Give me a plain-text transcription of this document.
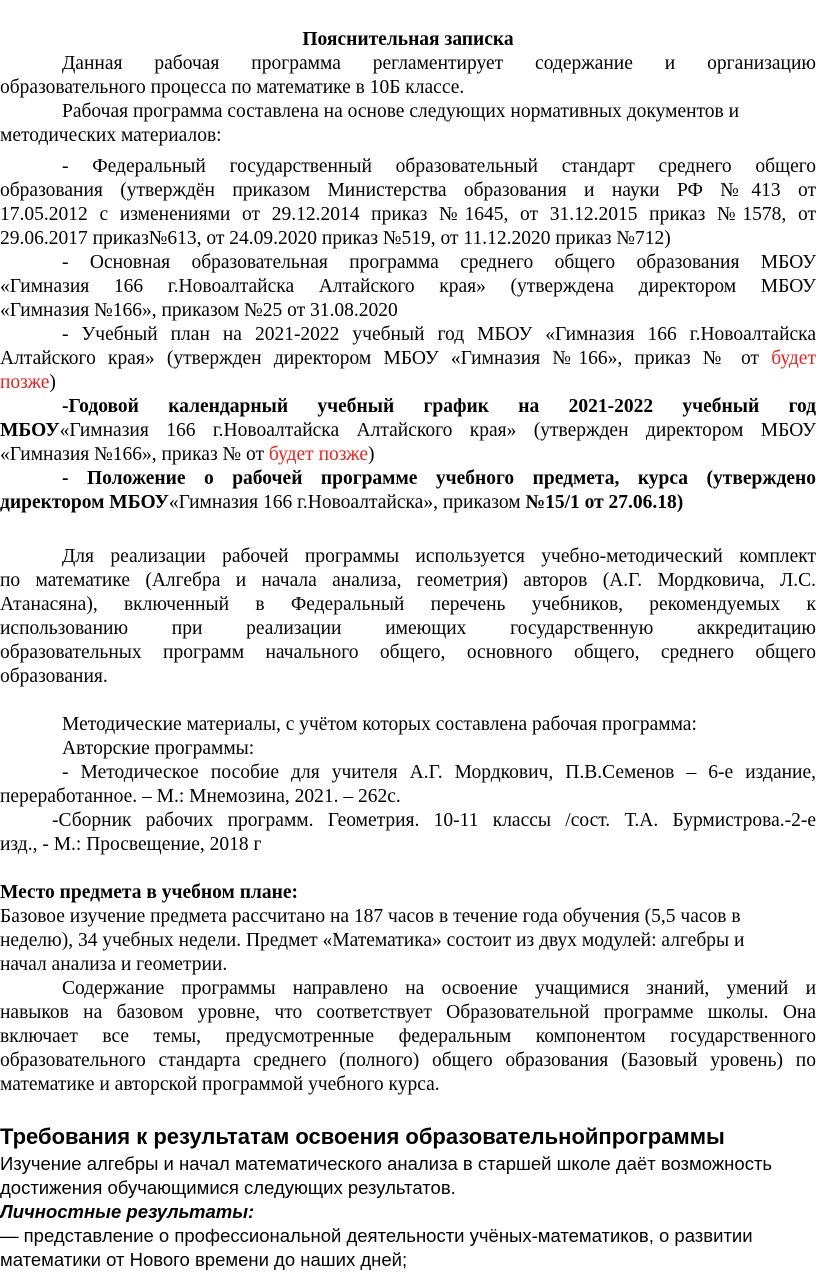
Пояснительная записка
Данная рабочая программа регламентирует содержание и организацию
образовательного процесса по математике в 10Б классе.
Рабочая программа составлена на основе следующих нормативных документов и
методических материалов:
- Федеральный государственный образовательный стандарт среднего общего
образования (утверждён приказом Министерства образования и науки РФ №413 от
17.05.2012 с изменениями от 29.12.2014 приказ №1645, от 31.12.2015 приказ №1578, от
29.06.2017 приказ№613, от 24.09.2020 приказ №519, от 11.12.2020 приказ №712)
- Основная образовательная программа среднего общего образования МБОУ
«Гимназия 166 г.Новоалтайска Алтайского края» (утверждена директором МБОУ
«Гимназия №166», приказом №25 от 31.08.2020
- Учебный план на 2021-2022 учебный год МБОУ «Гимназия 166 г.Новоалтайска
Алтайского края» (утвержден директором МБОУ «Гимназия №166», приказ № от будет
позже)
-Годовой календарный учебный график на 2021-2022 учебный год
МБОУ«Гимназия 166 г.Новоалтайска Алтайского края» (утвержден директором МБОУ
«Гимназия №166», приказ № от будет позже)
- Положение о рабочей программе учебного предмета, курса (утверждено
директором МБОУ«Гимназия 166 г.Новоалтайска», приказом №15/1 от 27.06.18)
Для реализации рабочей программы используется учебно-методический комплект
по математике (Алгебра и начала анализа, геометрия) авторов (А.Г. Мордковича, Л.С.
Атанасяна), включенный в Федеральный перечень учебников, рекомендуемых к
использованию при реализации имеющих государственную аккредитацию
образовательных программ начального общего, основного общего, среднего общего
образования.
Методические материалы, с учётом которых составлена рабочая программа:
Авторские программы:
- Методическое пособие для учителя А.Г. Мордкович, П.В.Семенов – 6-е издание,
переработанное. – М.: Мнемозина, 2021. – 262с.
-Сборник рабочих программ. Геометрия. 10-11 классы /сост. Т.А. Бурмистрова.-2-е
изд., - М.: Просвещение, 2018 г
Место предмета в учебном плане:
Базовое изучение предмета рассчитано на 187 часов в течение года обучения (5,5 часов в
неделю), 34 учебных недели. Предмет «Математика» состоит из двух модулей: алгебры и
начал анализа и геометрии.
Содержание программы направлено на освоение учащимися знаний, умений и
навыков на базовом уровне, что соответствует Образовательной программе школы. Она
включает все темы, предусмотренные федеральным компонентом государственного
образовательного стандарта среднего (полного) общего образования (Базовый уровень) по
математике и авторской программой учебного курса.
Требования к результатам освоения образовательнойпрограммы
Изучение алгебры и начал математического анализа в старшей школе даёт возможность
достижения обучающимися следующих результатов.
Личностные результаты:
— представление о профессиональной деятельности учёных-математиков, о развитии
математики от Нового времени до наших дней;
